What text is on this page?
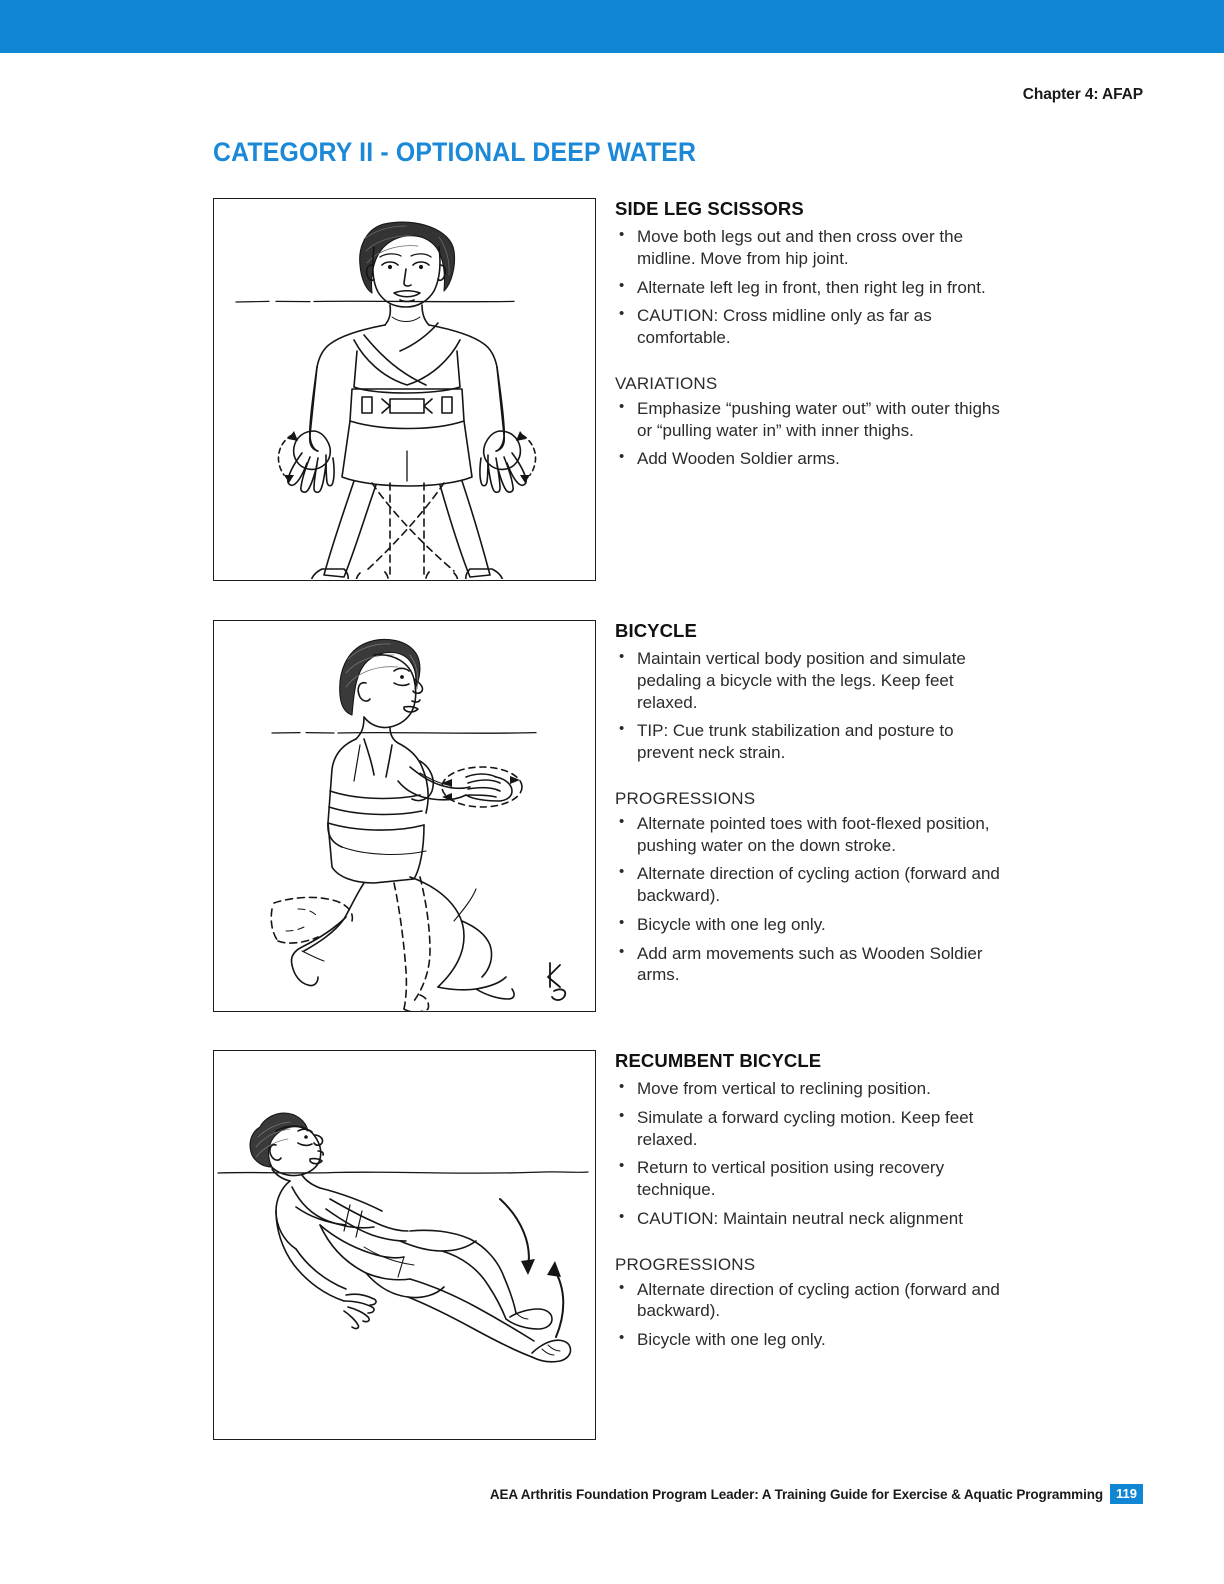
Chapter 4: AFAP
CATEGORY II - OPTIONAL DEEP WATER
SIDE LEG SCISSORS
• Move both legs out and then cross over the midline. Move from hip joint.
• Alternate left leg in front, then right leg in front.
• CAUTION: Cross midline only as far as comfortable.
VARIATIONS
• Emphasize “pushing water out” with outer thighs or “pulling water in” with inner thighs.
• Add Wooden Soldier arms.
BICYCLE
• Maintain vertical body position and simulate pedaling a bicycle with the legs. Keep feet relaxed.
• TIP: Cue trunk stabilization and posture to prevent neck strain.
PROGRESSIONS
• Alternate pointed toes with foot-flexed position, pushing water on the down stroke.
• Alternate direction of cycling action (forward and backward).
• Bicycle with one leg only.
• Add arm movements such as Wooden Soldier arms.
RECUMBENT BICYCLE
• Move from vertical to reclining position.
• Simulate a forward cycling motion. Keep feet relaxed.
• Return to vertical position using recovery technique.
• CAUTION: Maintain neutral neck alignment
PROGRESSIONS
• Alternate direction of cycling action (forward and backward).
• Bicycle with one leg only.
AEA Arthritis Foundation Program Leader: A Training Guide for Exercise & Aquatic Programming	119
